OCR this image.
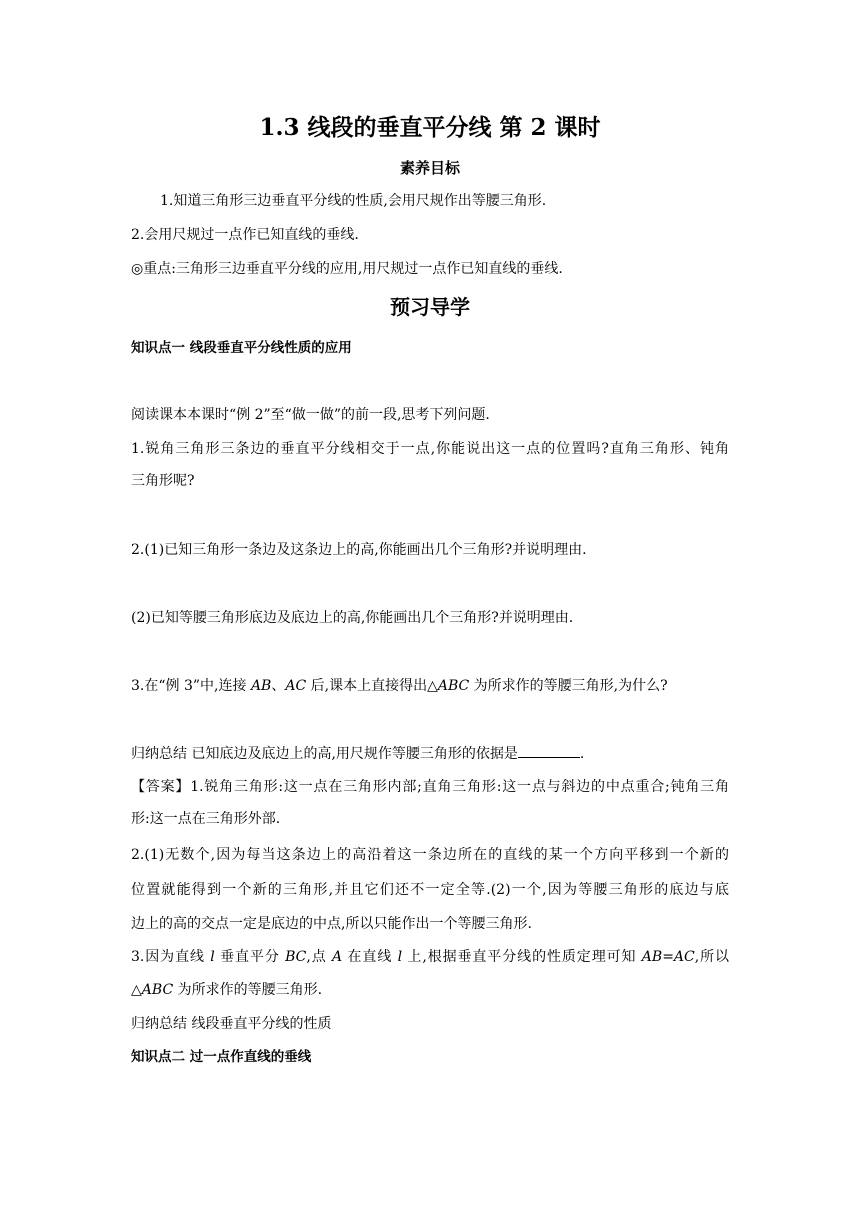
1.3 线段的垂直平分线 第 2 课时
素养目标
1.知道三角形三边垂直平分线的性质,会用尺规作出等腰三角形.
2.会用尺规过一点作已知直线的垂线.
◎重点:三角形三边垂直平分线的应用,用尺规过一点作已知直线的垂线.
预习导学
知识点一 线段垂直平分线性质的应用
阅读课本本课时“例 2”至“做一做”的前一段,思考下列问题.
1.锐角三角形三条边的垂直平分线相交于一点,你能说出这一点的位置吗?直角三角形、钝角
三角形呢?
2.(1)已知三角形一条边及这条边上的高,你能画出几个三角形?并说明理由.
(2)已知等腰三角形底边及底边上的高,你能画出几个三角形?并说明理由.
3.在“例 3”中,连接 AB、AC 后,课本上直接得出△ABC 为所求作的等腰三角形,为什么?
归纳总结 已知底边及底边上的高,用尺规作等腰三角形的依据是	.
【答案】1.锐角三角形:这一点在三角形内部;直角三角形:这一点与斜边的中点重合;钝角三角
形:这一点在三角形外部.
2.(1)无数个,因为每当这条边上的高沿着这一条边所在的直线的某一个方向平移到一个新的
位置就能得到一个新的三角形,并且它们还不一定全等.(2)一个,因为等腰三角形的底边与底
边上的高的交点一定是底边的中点,所以只能作出一个等腰三角形.
3.因为直线 l 垂直平分 BC,点 A 在直线 l 上,根据垂直平分线的性质定理可知 AB=AC,所以
△ABC 为所求作的等腰三角形.
归纳总结 线段垂直平分线的性质
知识点二 过一点作直线的垂线
